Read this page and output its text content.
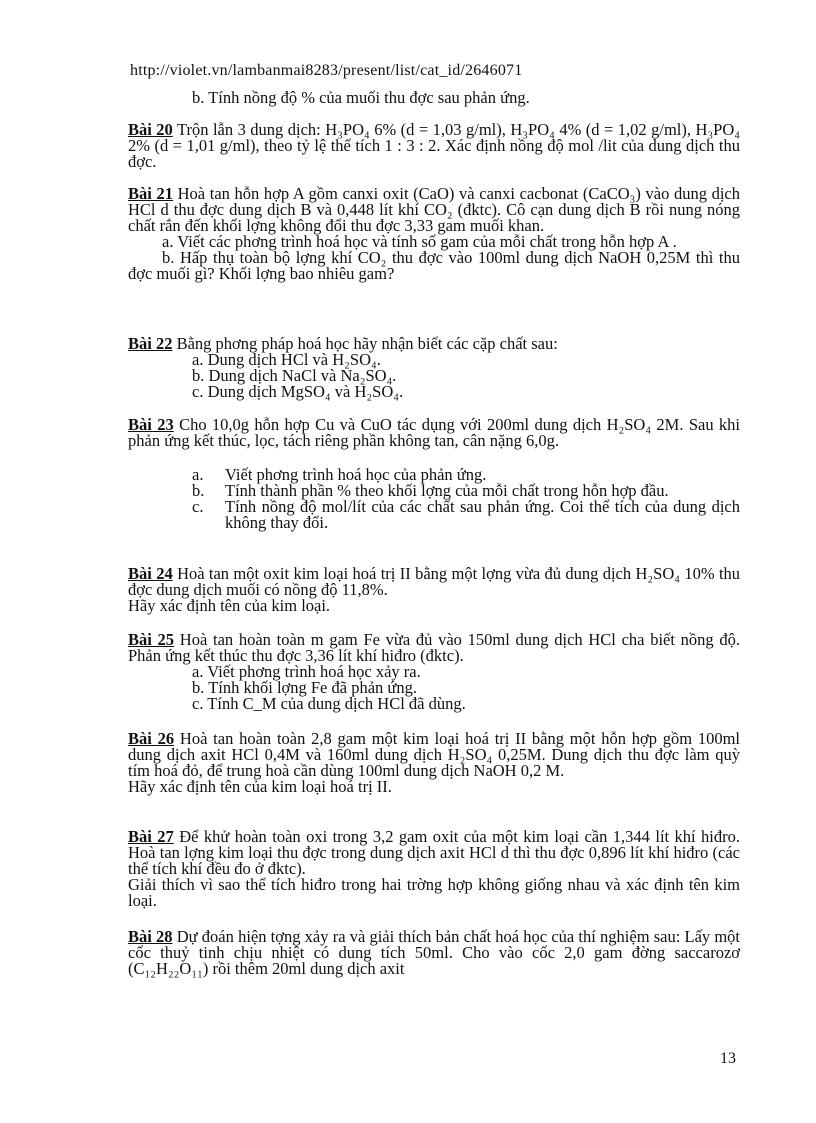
http://violet.vn/lambanmai8283/present/list/cat_id/2646071
b. Tính nồng độ % của muối thu đợc sau phản ứng.
Bài 20 Trộn lẫn 3 dung dịch: H₃PO₄ 6% (d = 1,03 g/ml), H₃PO₄ 4% (d = 1,02 g/ml), H₃PO₄ 2% (d = 1,01 g/ml), theo tỷ lệ thể tích 1 : 3 : 2. Xác định nồng độ mol /lit của dung dịch thu đợc.
Bài 21 Hoà tan hỗn hợp A gồm canxi oxit (CaO) và canxi cacbonat (CaCO₃) vào dung dịch HCl d thu đợc dung dịch B và 0,448 lít khí CO₂ (đktc). Cô cạn dung dịch B rồi nung nóng chất rắn đến khối lợng không đổi thu đợc 3,33 gam muối khan.
a. Viết các phơng trình hoá học và tính số gam của mỗi chất trong hỗn hợp A .
b. Hấp thụ toàn bộ lợng khí CO₂ thu đợc vào 100ml dung dịch NaOH 0,25M thì thu đợc muối gì? Khối lợng bao nhiêu gam?
Bài 22 Bằng phơng pháp hoá học hãy nhận biết các cặp chất sau:
a. Dung dịch HCl và H₂SO₄.
b. Dung dịch NaCl và Na₂SO₄.
c. Dung dịch MgSO₄ và H₂SO₄.
Bài 23 Cho 10,0g hỗn hợp Cu và CuO tác dụng với 200ml dung dịch H₂SO₄ 2M. Sau khi phản ứng kết thúc, lọc, tách riêng phần không tan, cân nặng 6,0g.
a.	Viết phơng trình hoá học của phản ứng.
b.	Tính thành phần % theo khối lợng của mỗi chất trong hỗn hợp đầu.
c.	Tính nồng độ mol/lít của các chất sau phản ứng. Coi thể tích của dung dịch không thay đổi.
Bài 24 Hoà tan một oxit kim loại hoá trị II bằng một lợng vừa đủ dung dịch H₂SO₄ 10% thu đợc dung dịch muối có nồng độ 11,8%.
Hãy xác định tên của kim loại.
Bài 25 Hoà tan hoàn toàn m gam Fe vừa đủ vào 150ml dung dịch HCl cha biết nồng độ. Phản ứng kết thúc thu đợc 3,36 lít khí hiđro (đktc).
a. Viết phơng trình hoá học xảy ra.
b. Tính khối lợng Fe đã phản ứng.
c. Tính C_M của dung dịch HCl đã dùng.
Bài 26 Hoà tan hoàn toàn 2,8 gam một kim loại hoá trị II bằng một hỗn hợp gồm 100ml dung dịch axit HCl 0,4M và 160ml dung dịch H₂SO₄ 0,25M. Dung dịch thu đợc làm quỳ tím hoá đỏ, để trung hoà cần dùng 100ml dung dịch NaOH 0,2 M.
Hãy xác định tên của kim loại hoá trị II.
Bài 27 Để khử hoàn toàn oxi trong 3,2 gam oxit của một kim loại cần 1,344 lít khí hiđro. Hoà tan lợng kim loại thu đợc trong dung dịch axit HCl d thì thu đợc 0,896 lít khí hiđro (các thể tích khí đều đo ở đktc).
Giải thích vì sao thể tích hiđro trong hai trờng hợp không giống nhau và xác định tên kim loại.
Bài 28 Dự đoán hiện tợng xảy ra và giải thích bản chất hoá học của thí nghiệm sau: Lấy một cốc thuỷ tinh chịu nhiệt có dung tích 50ml. Cho vào cốc 2,0 gam đờng saccarozơ (C₁₂H₂₂O₁₁) rồi thêm 20ml dung dịch axit
13
